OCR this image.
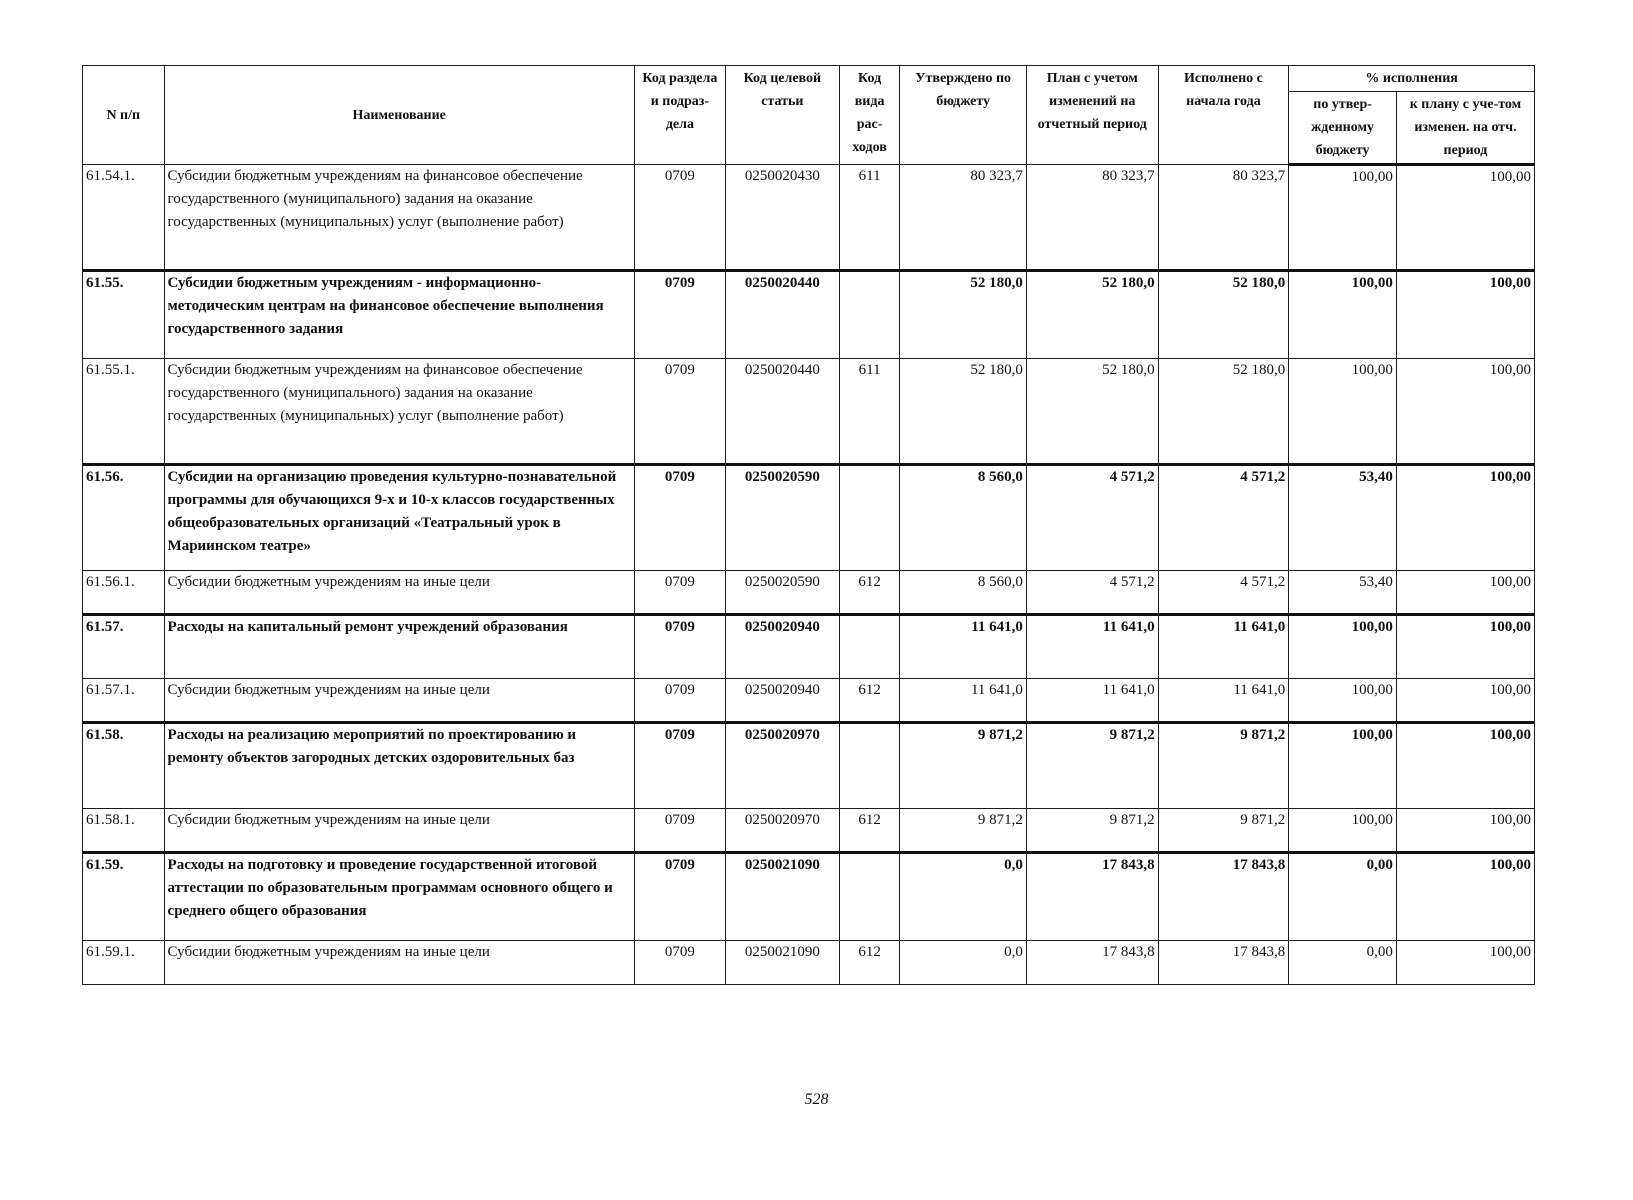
N п/п	Наименование	Код раздела и подраз-дела	Код целевой статьи	Код вида рас-ходов	Утверждено по бюджету	План с учетом изменений на отчетный период	Исполнено с начала года	% исполнения	
								по утвер-жденному бюджету	к плану с уче-том изменен. на отч. период
61.54.1.	Субсидии бюджетным учреждениям на финансовое обеспечение государственного (муниципального) задания на оказание государственных (муниципальных) услуг (выполнение работ)	0709	0250020430	611	80 323,7	80 323,7	80 323,7	100,00	100,00
61.55.	Субсидии бюджетным учреждениям - информационно-методическим центрам на финансовое обеспечение выполнения государственного задания	0709	0250020440		52 180,0	52 180,0	52 180,0	100,00	100,00
61.55.1.	Субсидии бюджетным учреждениям на финансовое обеспечение государственного (муниципального) задания на оказание государственных (муниципальных) услуг (выполнение работ)	0709	0250020440	611	52 180,0	52 180,0	52 180,0	100,00	100,00
61.56.	Субсидии на организацию проведения культурно-познавательной программы для обучающихся 9-х и 10-х классов государственных общеобразовательных организаций «Театральный урок в Мариинском театре»	0709	0250020590		8 560,0	4 571,2	4 571,2	53,40	100,00
61.56.1.	Субсидии бюджетным учреждениям на иные цели	0709	0250020590	612	8 560,0	4 571,2	4 571,2	53,40	100,00
61.57.	Расходы на капитальный ремонт учреждений образования	0709	0250020940		11 641,0	11 641,0	11 641,0	100,00	100,00
61.57.1.	Субсидии бюджетным учреждениям на иные цели	0709	0250020940	612	11 641,0	11 641,0	11 641,0	100,00	100,00
61.58.	Расходы на реализацию мероприятий по проектированию и ремонту объектов загородных детских оздоровительных баз	0709	0250020970		9 871,2	9 871,2	9 871,2	100,00	100,00
61.58.1.	Субсидии бюджетным учреждениям на иные цели	0709	0250020970	612	9 871,2	9 871,2	9 871,2	100,00	100,00
61.59.	Расходы на подготовку и проведение государственной итоговой аттестации по образовательным программам основного общего и среднего общего образования	0709	0250021090		0,0	17 843,8	17 843,8	0,00	100,00
61.59.1.	Субсидии бюджетным учреждениям на иные цели	0709	0250021090	612	0,0	17 843,8	17 843,8	0,00	100,00
528
